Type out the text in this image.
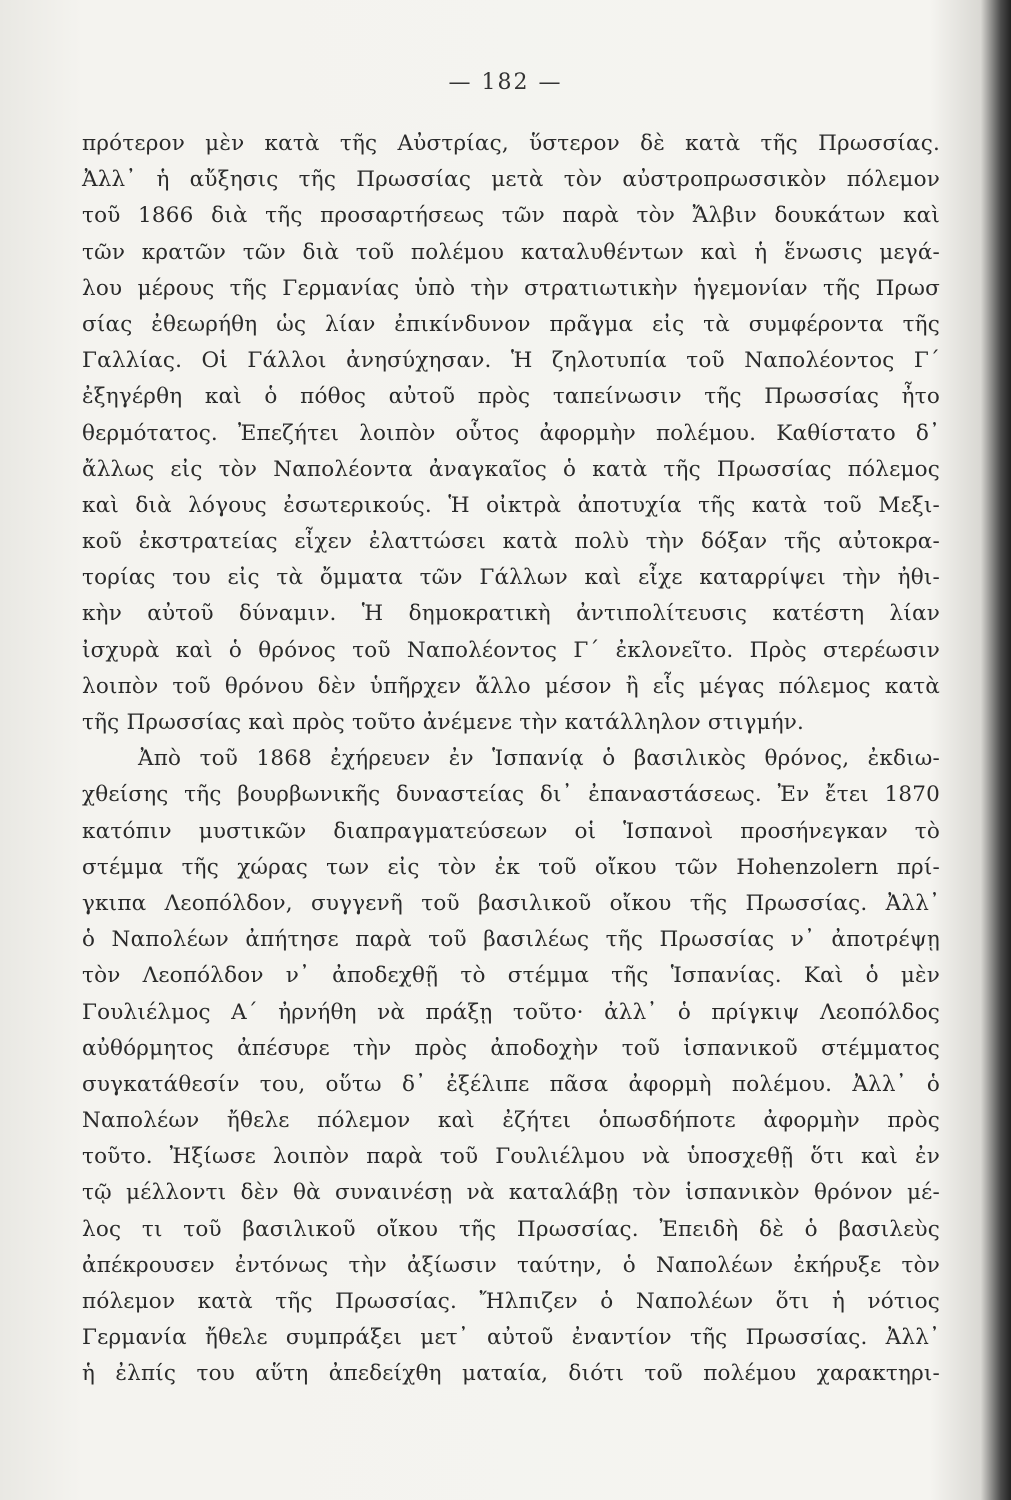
— 182 —
πρότερον μὲν κατὰ τῆς Αὐστρίας, ὕστερον δὲ κατὰ τῆς Πρωσσίας.
Ἀλλ᾽ ἡ αὔξησις τῆς Πρωσσίας μετὰ τὸν αὐστροπρωσσικὸν πόλεμον
τοῦ 1866 διὰ τῆς προσαρτήσεως τῶν παρὰ τὸν Ἄλβιν δουκάτων καὶ
τῶν κρατῶν τῶν διὰ τοῦ πολέμου καταλυθέντων καὶ ἡ ἕνωσις μεγά-
λου μέρους τῆς Γερμανίας ὑπὸ τὴν στρατιωτικὴν ἡγεμονίαν τῆς Πρωσ
σίας ἐθεωρήθη ὡς λίαν ἐπικίνδυνον πρᾶγμα εἰς τὰ συμφέροντα τῆς
Γαλλίας. Οἱ Γάλλοι ἀνησύχησαν. Ἡ ζηλοτυπία τοῦ Ναπολέοντος Γ´
ἐξηγέρθη καὶ ὁ πόθος αὐτοῦ πρὸς ταπείνωσιν τῆς Πρωσσίας ἦτο
θερμότατος. Ἐπεζήτει λοιπὸν οὗτος ἀφορμὴν πολέμου. Καθίστατο δ᾽
ἄλλως εἰς τὸν Ναπολέοντα ἀναγκαῖος ὁ κατὰ τῆς Πρωσσίας πόλεμος
καὶ διὰ λόγους ἐσωτερικούς. Ἡ οἰκτρὰ ἀποτυχία τῆς κατὰ τοῦ Μεξι-
κοῦ ἐκστρατείας εἶχεν ἐλαττώσει κατὰ πολὺ τὴν δόξαν τῆς αὐτοκρα-
τορίας του εἰς τὰ ὄμματα τῶν Γάλλων καὶ εἶχε καταρρίψει τὴν ἠθι-
κὴν αὐτοῦ δύναμιν. Ἡ δημοκρατικὴ ἀντιπολίτευσις κατέστη λίαν
ἰσχυρὰ καὶ ὁ θρόνος τοῦ Ναπολέοντος Γ´ ἐκλονεῖτο. Πρὸς στερέωσιν
λοιπὸν τοῦ θρόνου δὲν ὑπῆρχεν ἄλλο μέσον ἢ εἷς μέγας πόλεμος κατὰ
τῆς Πρωσσίας καὶ πρὸς τοῦτο ἀνέμενε τὴν κατάλληλον στιγμήν.
Ἀπὸ τοῦ 1868 ἐχήρευεν ἐν Ἱσπανίᾳ ὁ βασιλικὸς θρόνος, ἐκδιω-
χθείσης τῆς βουρβωνικῆς δυναστείας δι᾽ ἐπαναστάσεως. Ἐν ἔτει 1870
κατόπιν μυστικῶν διαπραγματεύσεων οἱ Ἱσπανοὶ προσήνεγκαν τὸ
στέμμα τῆς χώρας των εἰς τὸν ἐκ τοῦ οἴκου τῶν Hohenzolern πρί-
γκιπα Λεοπόλδον, συγγενῆ τοῦ βασιλικοῦ οἴκου τῆς Πρωσσίας. Ἀλλ᾽
ὁ Ναπολέων ἀπήτησε παρὰ τοῦ βασιλέως τῆς Πρωσσίας ν᾽ ἀποτρέψῃ
τὸν Λεοπόλδον ν᾽ ἀποδεχθῇ τὸ στέμμα τῆς Ἱσπανίας. Καὶ ὁ μὲν
Γουλιέλμος Α´ ἠρνήθη νὰ πράξῃ τοῦτο· ἀλλ᾽ ὁ πρίγκιψ Λεοπόλδος
αὐθόρμητος ἀπέσυρε τὴν πρὸς ἀποδοχὴν τοῦ ἱσπανικοῦ στέμματος
συγκατάθεσίν του, οὕτω δ᾽ ἐξέλιπε πᾶσα ἀφορμὴ πολέμου. Ἀλλ᾽ ὁ
Ναπολέων ἤθελε πόλεμον καὶ ἐζήτει ὁπωσδήποτε ἀφορμὴν πρὸς
τοῦτο. Ἠξίωσε λοιπὸν παρὰ τοῦ Γουλιέλμου νὰ ὑποσχεθῇ ὅτι καὶ ἐν
τῷ μέλλοντι δὲν θὰ συναινέσῃ νὰ καταλάβῃ τὸν ἱσπανικὸν θρόνον μέ-
λος τι τοῦ βασιλικοῦ οἴκου τῆς Πρωσσίας. Ἐπειδὴ δὲ ὁ βασιλεὺς
ἀπέκρουσεν ἐντόνως τὴν ἀξίωσιν ταύτην, ὁ Ναπολέων ἐκήρυξε τὸν
πόλεμον κατὰ τῆς Πρωσσίας. Ἤλπιζεν ὁ Ναπολέων ὅτι ἡ νότιος
Γερμανία ἤθελε συμπράξει μετ᾽ αὐτοῦ ἐναντίον τῆς Πρωσσίας. Ἀλλ᾽
ἡ ἐλπίς του αὕτη ἀπεδείχθη ματαία, διότι τοῦ πολέμου χαρακτηρι-
